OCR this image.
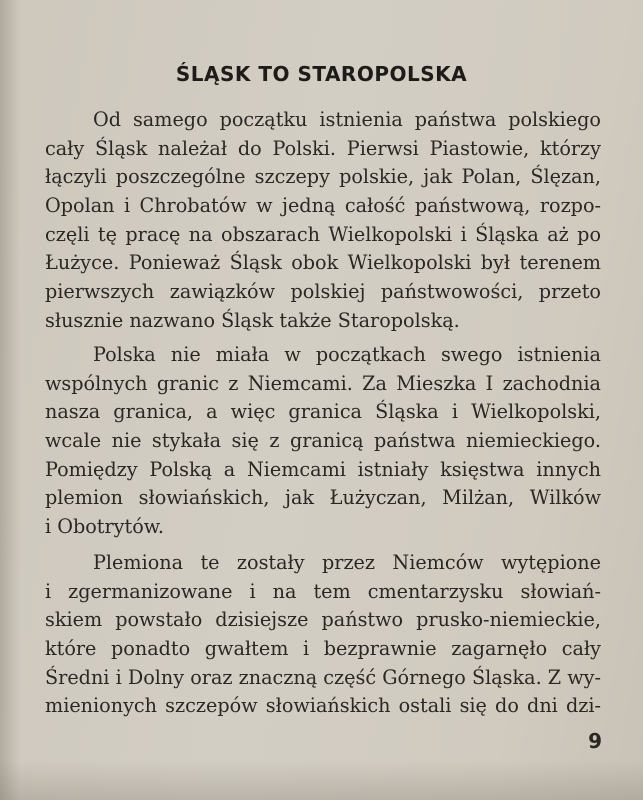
ŚLĄSK TO STAROPOLSKA
Od samego początku istnienia państwa polskiego
cały Śląsk należał do Polski. Pierwsi Piastowie, którzy
łączyli poszczególne szczepy polskie, jak Polan, Ślęzan,
Opolan i Chrobatów w jedną całość państwową, rozpo-
częli tę pracę na obszarach Wielkopolski i Śląska aż po
Łużyce. Ponieważ Śląsk obok Wielkopolski był terenem
pierwszych zawiązków polskiej państwowości, przeto
słusznie nazwano Śląsk także Staropolską.
Polska nie miała w początkach swego istnienia
wspólnych granic z Niemcami. Za Mieszka I zachodnia
nasza granica, a więc granica Śląska i Wielkopolski,
wcale nie stykała się z granicą państwa niemieckiego.
Pomiędzy Polską a Niemcami istniały księstwa innych
plemion słowiańskich, jak Łużyczan, Milżan, Wilków
i Obotrytów.
Plemiona te zostały przez Niemców wytępione
i zgermanizowane i na tem cmentarzysku słowiań-
skiem powstało dzisiejsze państwo prusko-niemieckie,
które ponadto gwałtem i bezprawnie zagarnęło cały
Średni i Dolny oraz znaczną część Górnego Śląska. Z wy-
mienionych szczepów słowiańskich ostali się do dni dzi-
9
